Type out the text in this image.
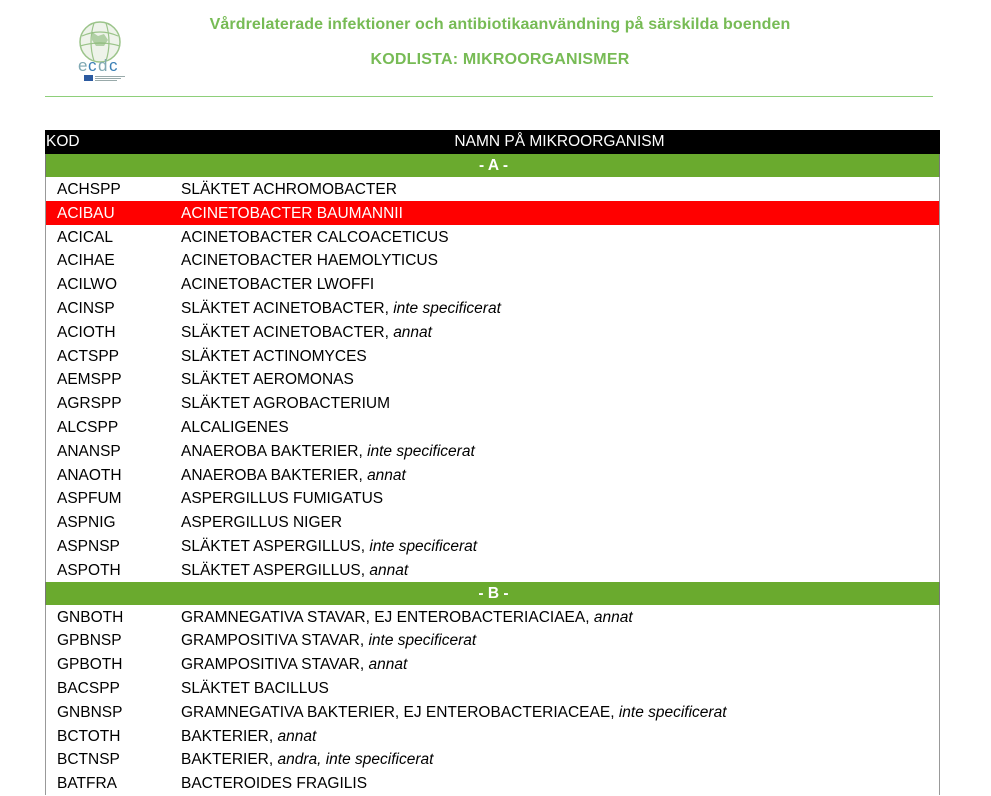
e c d c
Vårdrelaterade infektioner och antibiotikaanvändning på särskilda boenden
KODLISTA: MIKROORGANISMER
KOD	NAMN PÅ MIKROORGANISM
- A -
ACHSPP	SLÄKTET ACHROMOBACTER
ACIBAU	ACINETOBACTER BAUMANNII
ACICAL	ACINETOBACTER CALCOACETICUS
ACIHAE	ACINETOBACTER HAEMOLYTICUS
ACILWO	ACINETOBACTER LWOFFI
ACINSP	SLÄKTET ACINETOBACTER, inte specificerat
ACIOTH	SLÄKTET ACINETOBACTER, annat
ACTSPP	SLÄKTET ACTINOMYCES
AEMSPP	SLÄKTET AEROMONAS
AGRSPP	SLÄKTET AGROBACTERIUM
ALCSPP	ALCALIGENES
ANANSP	ANAEROBA BAKTERIER, inte specificerat
ANAOTH	ANAEROBA BAKTERIER, annat
ASPFUM	ASPERGILLUS FUMIGATUS
ASPNIG	ASPERGILLUS NIGER
ASPNSP	SLÄKTET ASPERGILLUS, inte specificerat
ASPOTH	SLÄKTET ASPERGILLUS, annat
- B -
GNBOTH	GRAMNEGATIVA STAVAR, EJ ENTEROBACTERIACIAEA, annat
GPBNSP	GRAMPOSITIVA STAVAR, inte specificerat
GPBOTH	GRAMPOSITIVA STAVAR, annat
BACSPP	SLÄKTET BACILLUS
GNBNSP	GRAMNEGATIVA BAKTERIER, EJ ENTEROBACTERIACEAE, inte specificerat
BCTOTH	BAKTERIER, annat
BCTNSP	BAKTERIER, andra, inte specificerat
BATFRA	BACTEROIDES FRAGILIS
